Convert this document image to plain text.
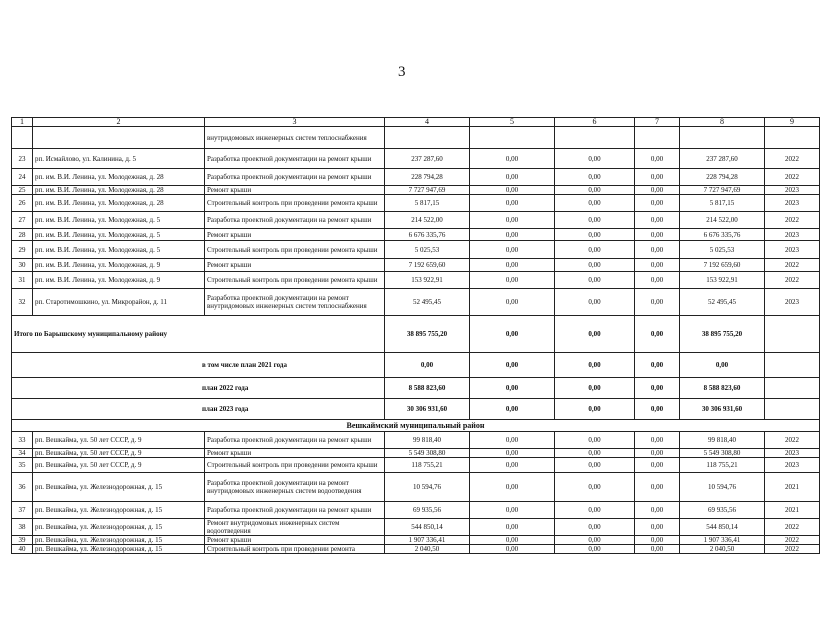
3
1	2	3	4	5	6	7	8	9
		внутридомовых инженерных систем теплоснабжения						
23	рп. Исмайлово, ул. Калинина, д. 5	Разработка проектной документации на ремонт крыши	237 287,60	0,00	0,00	0,00	237 287,60	2022
24	рп. им. В.И. Ленина, ул. Молодежная, д. 28	Разработка проектной документации на ремонт крыши	228 794,28	0,00	0,00	0,00	228 794,28	2022
25	рп. им. В.И. Ленина, ул. Молодежная, д. 28	Ремонт крыши	7 727 947,69	0,00	0,00	0,00	7 727 947,69	2023
26	рп. им. В.И. Ленина, ул. Молодежная, д. 28	Строительный контроль при проведении ремонта крыши	5 817,15	0,00	0,00	0,00	5 817,15	2023
27	рп. им. В.И. Ленина, ул. Молодежная, д. 5	Разработка проектной документации на ремонт крыши	214 522,00	0,00	0,00	0,00	214 522,00	2022
28	рп. им. В.И. Ленина, ул. Молодежная, д. 5	Ремонт крыши	6 676 335,76	0,00	0,00	0,00	6 676 335,76	2023
29	рп. им. В.И. Ленина, ул. Молодежная, д. 5	Строительный контроль при проведении ремонта крыши	5 025,53	0,00	0,00	0,00	5 025,53	2023
30	рп. им. В.И. Ленина, ул. Молодежная, д. 9	Ремонт крыши	7 192 659,60	0,00	0,00	0,00	7 192 659,60	2022
31	рп. им. В.И. Ленина, ул. Молодежная, д. 9	Строительный контроль при проведении ремонта крыши	153 922,91	0,00	0,00	0,00	153 922,91	2022
32	рп. Старотимошкино, ул. Микрорайон, д. 11	Разработка проектной документации на ремонт внутридомовых инженерных систем теплоснабжения	52 495,45	0,00	0,00	0,00	52 495,45	2023
Итого по Барышскому муниципальному району			38 895 755,20	0,00	0,00	0,00	38 895 755,20	
в том числе план 2021 года			0,00	0,00	0,00	0,00	0,00	
план 2022 года			8 588 823,60	0,00	0,00	0,00	8 588 823,60	
план 2023 года			30 306 931,60	0,00	0,00	0,00	30 306 931,60	
Вешкаймский муниципальный район								
33	рп. Вешкайма, ул. 50 лет СССР, д. 9	Разработка проектной документации на ремонт крыши	99 818,40	0,00	0,00	0,00	99 818,40	2022
34	рп. Вешкайма, ул. 50 лет СССР, д. 9	Ремонт крыши	5 549 308,80	0,00	0,00	0,00	5 549 308,80	2023
35	рп. Вешкайма, ул. 50 лет СССР, д. 9	Строительный контроль при проведении ремонта крыши	118 755,21	0,00	0,00	0,00	118 755,21	2023
36	рп. Вешкайма, ул. Железнодорожная, д. 15	Разработка проектной документации на ремонт внутридомовых инженерных систем водоотведения	10 594,76	0,00	0,00	0,00	10 594,76	2021
37	рп. Вешкайма, ул. Железнодорожная, д. 15	Разработка проектной документации на ремонт крыши	69 935,56	0,00	0,00	0,00	69 935,56	2021
38	рп. Вешкайма, ул. Железнодорожная, д. 15	Ремонт внутридомовых инженерных систем водоотведения	544 850,14	0,00	0,00	0,00	544 850,14	2022
39	рп. Вешкайма, ул. Железнодорожная, д. 15	Ремонт крыши	1 907 336,41	0,00	0,00	0,00	1 907 336,41	2022
40	рп. Вешкайма, ул. Железнодорожная, д. 15	Строительный контроль при проведении ремонта	2 040,50	0,00	0,00	0,00	2 040,50	2022
